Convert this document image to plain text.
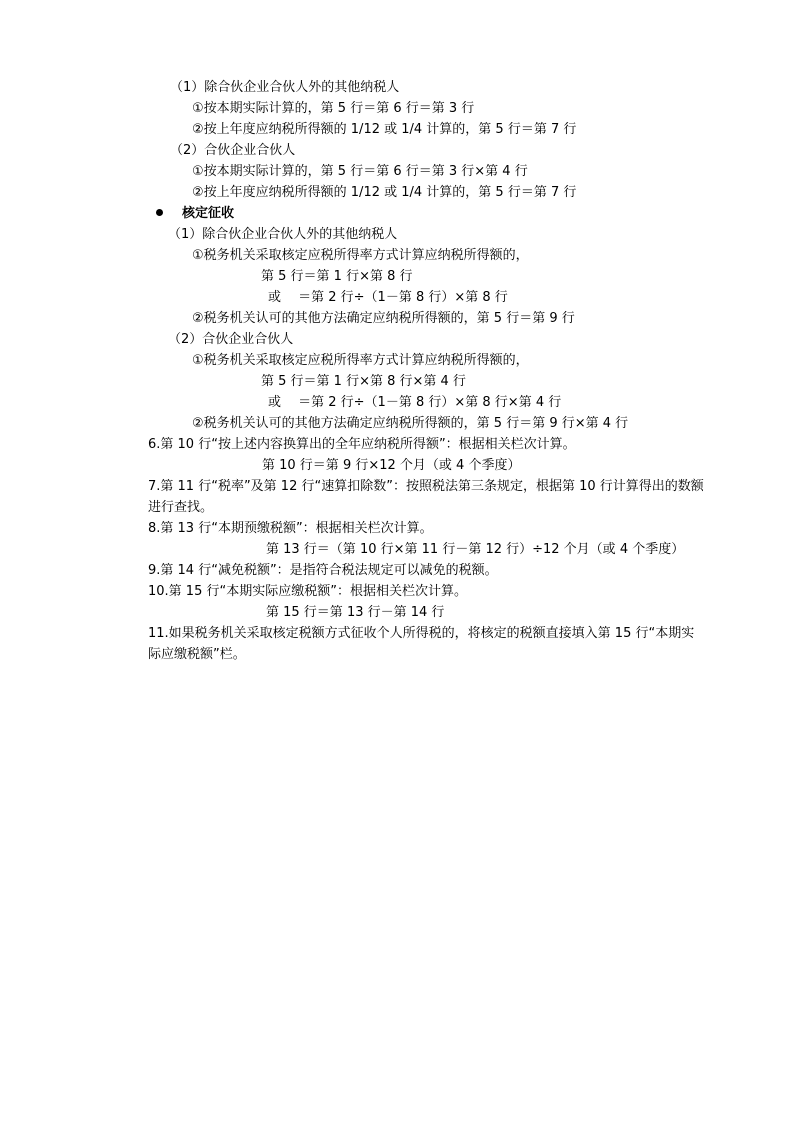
（1）除合伙企业合伙人外的其他纳税人
①按本期实际计算的，第 5 行＝第 6 行＝第 3 行
②按上年度应纳税所得额的 1/12 或 1/4 计算的，第 5 行＝第 7 行
（2）合伙企业合伙人
①按本期实际计算的，第 5 行＝第 6 行＝第 3 行×第 4 行
②按上年度应纳税所得额的 1/12 或 1/4 计算的，第 5 行＝第 7 行
核定征收
（1）除合伙企业合伙人外的其他纳税人
①税务机关采取核定应税所得率方式计算应纳税所得额的，
第 5 行＝第 1 行×第 8 行
或　 ＝第 2 行÷（1－第 8 行）×第 8 行
②税务机关认可的其他方法确定应纳税所得额的，第 5 行＝第 9 行
（2）合伙企业合伙人
①税务机关采取核定应税所得率方式计算应纳税所得额的，
第 5 行＝第 1 行×第 8 行×第 4 行
或　 ＝第 2 行÷（1－第 8 行）×第 8 行×第 4 行
②税务机关认可的其他方法确定应纳税所得额的，第 5 行＝第 9 行×第 4 行
6.第 10 行“按上述内容换算出的全年应纳税所得额”：根据相关栏次计算。
第 10 行＝第 9 行×12 个月（或 4 个季度）
7.第 11 行“税率”及第 12 行“速算扣除数”：按照税法第三条规定，根据第 10 行计算得出的数额进行查找。
8.第 13 行“本期预缴税额”：根据相关栏次计算。
第 13 行＝（第 10 行×第 11 行－第 12 行）÷12 个月（或 4 个季度）
9.第 14 行“减免税额”：是指符合税法规定可以减免的税额。
10.第 15 行“本期实际应缴税额”：根据相关栏次计算。
第 15 行＝第 13 行－第 14 行
11.如果税务机关采取核定税额方式征收个人所得税的，将核定的税额直接填入第 15 行“本期实际应缴税额”栏。
